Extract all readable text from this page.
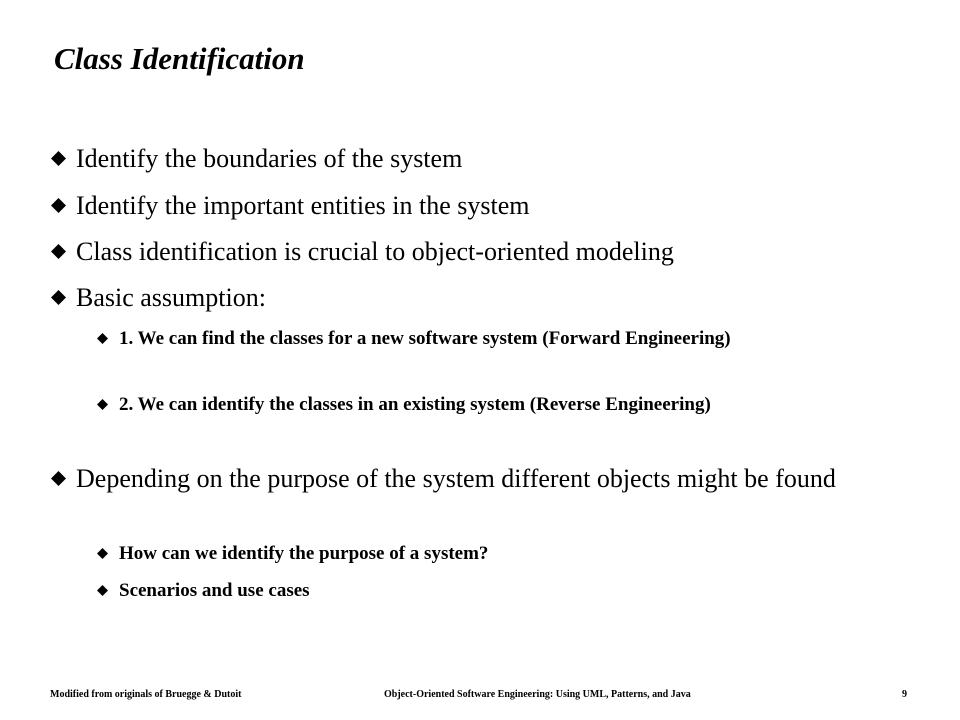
Class Identification
Identify the boundaries of the system
Identify the important entities in the system
Class identification is crucial to object-oriented modeling
Basic assumption:
1. We can find the classes for a new software system (Forward Engineering)
2. We can identify the classes in an existing system (Reverse Engineering)
Depending on the purpose of the system different objects might be found
How can we identify the purpose of a system?
Scenarios and use cases
Modified from originals of Bruegge & Dutoit	Object-Oriented Software Engineering: Using UML, Patterns, and Java	9
